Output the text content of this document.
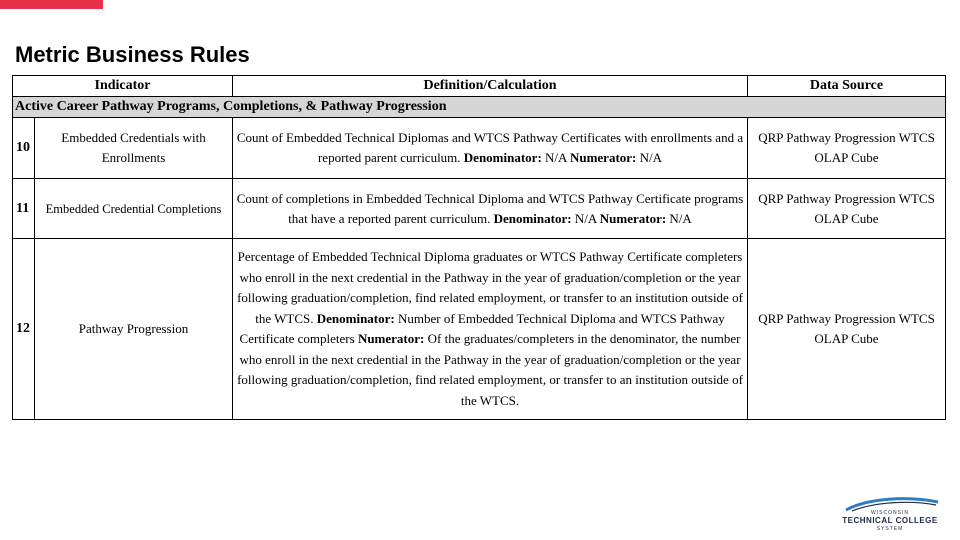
Metric Business Rules
Indicator		Definition/Calculation	Data Source
Active Career Pathway Programs, Completions, & Pathway Progression			
10	Embedded Credentials with Enrollments	Count of Embedded Technical Diplomas and WTCS Pathway Certificates with enrollments and a reported parent curriculum. Denominator: N/A Numerator: N/A	QRP Pathway Progression WTCS OLAP Cube
11	Embedded Credential Completions	Count of completions in Embedded Technical Diploma and WTCS Pathway Certificate programs that have a reported parent curriculum. Denominator: N/A Numerator: N/A	QRP Pathway Progression WTCS OLAP Cube
12	Pathway Progression	Percentage of Embedded Technical Diploma graduates or WTCS Pathway Certificate completers who enroll in the next credential in the Pathway in the year of graduation/completion or the year following graduation/completion, find related employment, or transfer to an institution outside of the WTCS. Denominator: Number of Embedded Technical Diploma and WTCS Pathway Certificate completers Numerator: Of the graduates/completers in the denominator, the number who enroll in the next credential in the Pathway in the year of graduation/completion or the year following graduation/completion, find related employment, or transfer to an institution outside of the WTCS.	QRP Pathway Progression WTCS OLAP Cube
WISCONSIN
TECHNICAL COLLEGE
SYSTEM
